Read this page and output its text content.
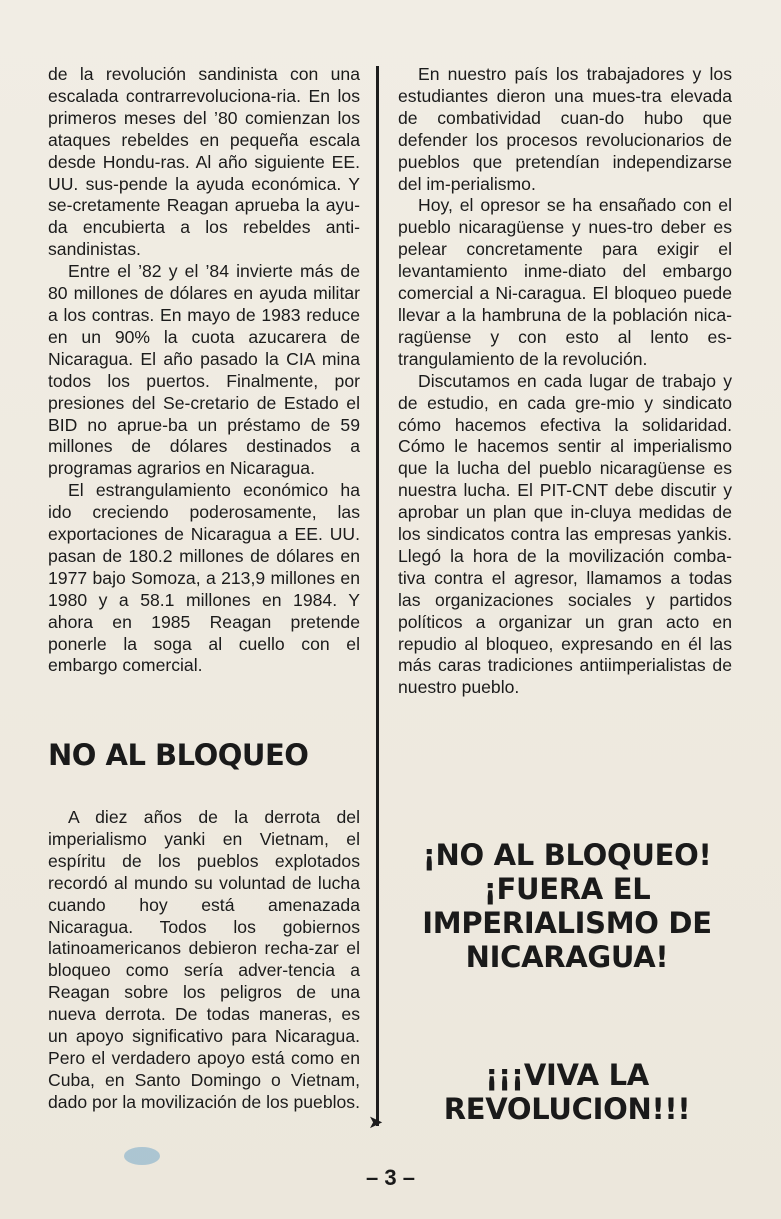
de la revolución sandinista con una escalada contrarrevoluciona-ria. En los primeros meses del ’80 comienzan los ataques rebeldes en pequeña escala desde Hondu-ras. Al año siguiente EE. UU. sus-pende la ayuda económica. Y se-cretamente Reagan aprueba la ayu-da encubierta a los rebeldes anti-sandinistas.

Entre el ’82 y el ’84 invierte más de 80 millones de dólares en ayuda militar a los contras. En mayo de 1983 reduce en un 90% la cuota azucarera de Nicaragua. El año pasado la CIA mina todos los puertos. Finalmente, por presiones del Se-cretario de Estado el BID no aprue-ba un préstamo de 59 millones de dólares destinados a programas agrarios en Nicaragua.

El estrangulamiento económico ha ido creciendo poderosamente, las exportaciones de Nicaragua a EE. UU. pasan de 180.2 millones de dólares en 1977 bajo Somoza, a 213,9 millones en 1980 y a 58.1 millones en 1984. Y ahora en 1985 Reagan pretende ponerle la soga al cuello con el embargo comercial.

NO AL BLOQUEO

A diez años de la derrota del imperialismo yanki en Vietnam, el espíritu de los pueblos explotados recordó al mundo su voluntad de lucha cuando hoy está amenazada Nicaragua. Todos los gobiernos latinoamericanos debieron recha-zar el bloqueo como sería adver-tencia a Reagan sobre los peligros de una nueva derrota. De todas maneras, es un apoyo significativo para Nicaragua. Pero el verdadero apoyo está como en Cuba, en Santo Domingo o Vietnam, dado por la movilización de los pueblos.

➤

En nuestro país los trabajadores y los estudiantes dieron una mues-tra elevada de combatividad cuan-do hubo que defender los procesos revolucionarios de pueblos que pretendían independizarse del im-perialismo.

Hoy, el opresor se ha ensañado con el pueblo nicaragüense y nues-tro deber es pelear concretamente para exigir el levantamiento inme-diato del embargo comercial a Ni-caragua. El bloqueo puede llevar a la hambruna de la población nica-ragüense y con esto al lento es-trangulamiento de la revolución.

Discutamos en cada lugar de trabajo y de estudio, en cada gre-mio y sindicato cómo hacemos efectiva la solidaridad. Cómo le hacemos sentir al imperialismo que la lucha del pueblo nicaragüense es nuestra lucha. El PIT-CNT debe discutir y aprobar un plan que in-cluya medidas de los sindicatos contra las empresas yankis. Llegó la hora de la movilización comba-tiva contra el agresor, llamamos a todas las organizaciones sociales y partidos políticos a organizar un gran acto en repudio al bloqueo, expresando en él las más caras tradiciones antiimperialistas de nuestro pueblo.

¡NO AL BLOQUEO!
¡FUERA EL
IMPERIALISMO DE
NICARAGUA!
¡¡¡VIVA LA
REVOLUCION!!!
– 3 –
